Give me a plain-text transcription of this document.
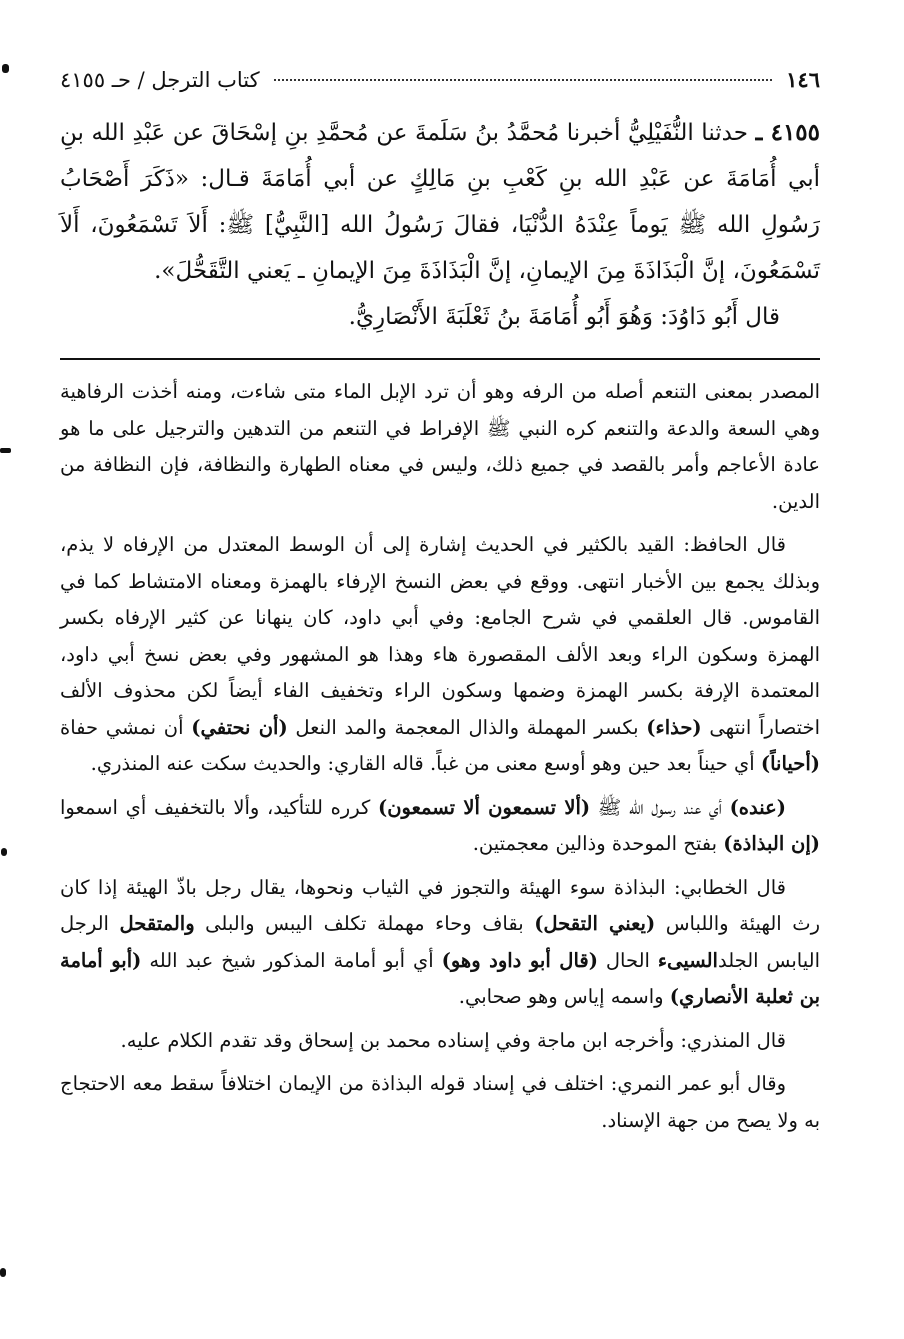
١٤٦
كتاب الترجل / حـ ٤١٥٥

٤١٥٥ ـ حدثنا النُّفَيْلِيُّ أخبرنا مُحمَّدُ بنُ سَلَمةَ عن مُحمَّدِ بنِ إسْحَاقَ عن عَبْدِ الله بنِ أبي أُمَامَةَ عن عَبْدِ الله بنِ كَعْبِ بنِ مَالِكٍ عن أبي أُمَامَةَ قـال: «ذَكَرَ أَصْحَابُ رَسُولِ الله ﷺ يَوماً عِنْدَهُ الدُّنْيَا، فقالَ رَسُولُ الله [النَّبِيُّ] ﷺ: أَلاَ تَسْمَعُونَ، أَلاَ تَسْمَعُونَ، إنَّ الْبَذَاذَةَ مِنَ الإيمانِ، إنَّ الْبَذَاذَةَ مِنَ الإيمانِ ـ يَعني التَّقَحُّلَ».

قال أَبُو دَاوُدَ: وَهُوَ أَبُو أُمَامَةَ بنُ ثَعْلَبَةَ الأَنْصَارِيُّ.

المصدر بمعنى التنعم أصله من الرفه وهو أن ترد الإبل الماء متى شاءت، ومنه أخذت الرفاهية وهي السعة والدعة والتنعم كره النبي ﷺ الإفراط في التنعم من التدهين والترجيل على ما هو عادة الأعاجم وأمر بالقصد في جميع ذلك، وليس في معناه الطهارة والنظافة، فإن النظافة من الدين.

قال الحافظ: القيد بالكثير في الحديث إشارة إلى أن الوسط المعتدل من الإرفاه لا يذم، وبذلك يجمع بين الأخبار انتهى. ووقع في بعض النسخ الإرفاء بالهمزة ومعناه الامتشاط كما في القاموس. قال العلقمي في شرح الجامع: وفي أبي داود، كان ينهانا عن كثير الإرفاه بكسر الهمزة وسكون الراء وبعد الألف المقصورة هاء وهذا هو المشهور وفي بعض نسخ أبي داود، المعتمدة الإرفة بكسر الهمزة وضمها وسكون الراء وتخفيف الفاء أيضاً لكن محذوف الألف اختصاراً انتهى (حذاء) بكسر المهملة والذال المعجمة والمد النعل (أن نحتفي) أن نمشي حفاة (أحياناً) أي حيناً بعد حين وهو أوسع معنى من غباً. قاله القاري: والحديث سكت عنه المنذري.

(عنده) أي عند رسول الله ﷺ (ألا تسمعون ألا تسمعون) كرره للتأكيد، وألا بالتخفيف أي اسمعوا (إن البذاذة) بفتح الموحدة وذالين معجمتين.

قال الخطابي: البذاذة سوء الهيئة والتجوز في الثياب ونحوها، يقال رجل باذّ الهيئة إذا كان رث الهيئة واللباس (يعني التقحل) بقاف وحاء مهملة تكلف اليبس والبلى والمتقحل الرجل اليابس الجلدالسيىء الحال (قال أبو داود وهو) أي أبو أمامة المذكور شيخ عبد الله (أبو أمامة بن ثعلبة الأنصاري) واسمه إياس وهو صحابي.

قال المنذري: وأخرجه ابن ماجة وفي إسناده محمد بن إسحاق وقد تقدم الكلام عليه.

وقال أبو عمر النمري: اختلف في إسناد قوله البذاذة من الإيمان اختلافاً سقط معه الاحتجاج به ولا يصح من جهة الإسناد.
